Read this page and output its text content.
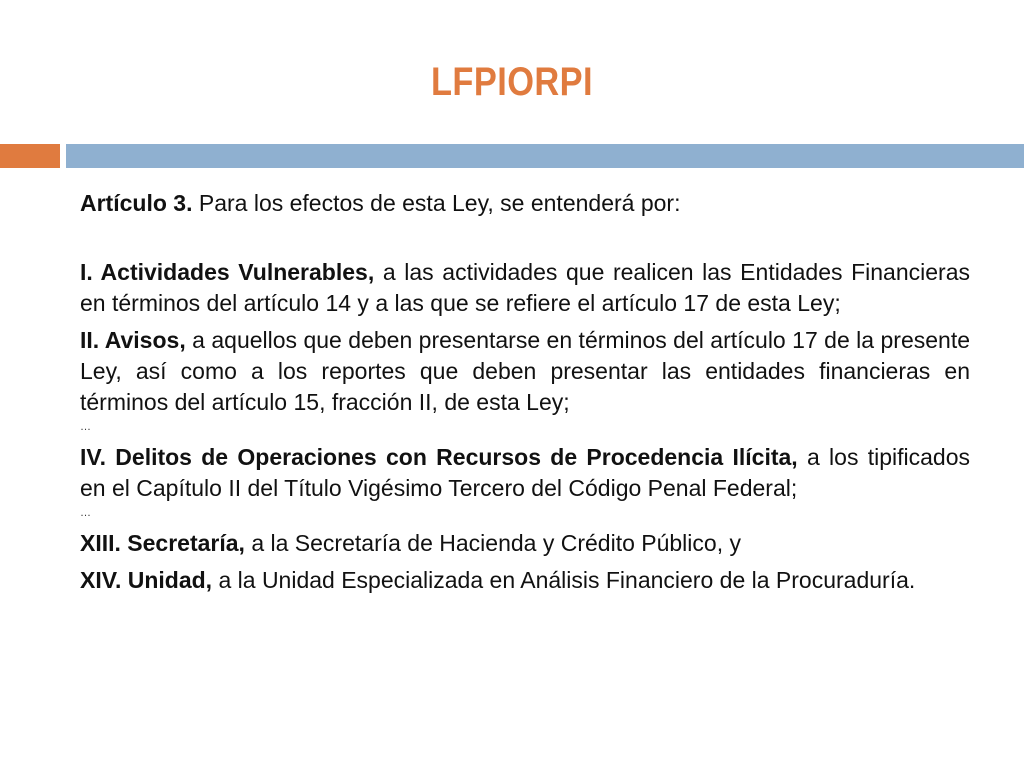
LFPIORPI

Artículo 3. Para los efectos de esta Ley, se entenderá por:

I. Actividades Vulnerables, a las actividades que realicen las Entidades Financieras en términos del artículo 14 y a las que se refiere el artículo 17 de esta Ley;

II. Avisos, a aquellos que deben presentarse en términos del artículo 17 de la presente Ley, así como a los reportes que deben presentar las entidades financieras en términos del artículo 15, fracción II, de esta Ley;

…

IV. Delitos de Operaciones con Recursos de Procedencia Ilícita, a los tipificados en el Capítulo II del Título Vigésimo Tercero del Código Penal Federal;

…

XIII. Secretaría, a la Secretaría de Hacienda y Crédito Público, y

XIV. Unidad, a la Unidad Especializada en Análisis Financiero de la Procuraduría.
